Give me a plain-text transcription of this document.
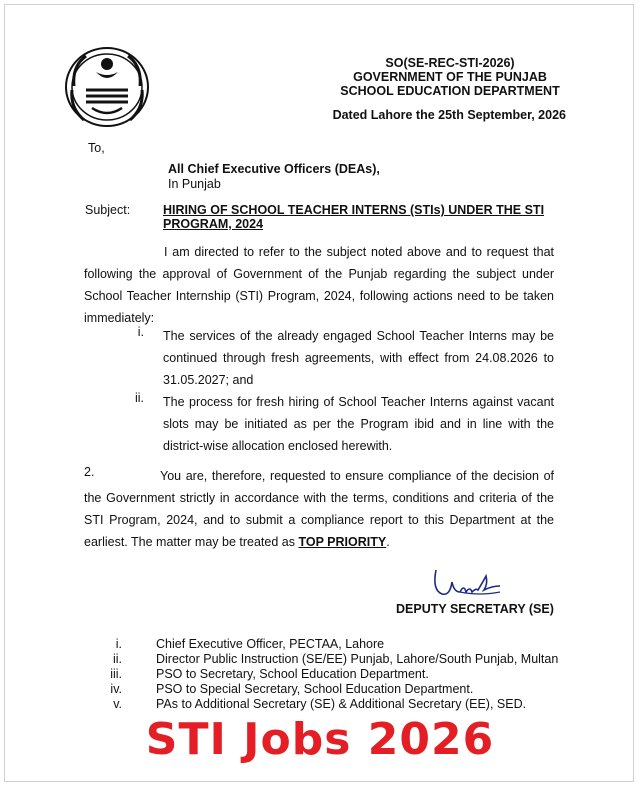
SO(SE-REC-STI-2026)
GOVERNMENT OF THE PUNJAB
SCHOOL EDUCATION DEPARTMENT
Dated Lahore the 25th September, 2026
To,
All Chief Executive Officers (DEAs),
In Punjab
Subject:	HIRING OF SCHOOL TEACHER INTERNS (STIs) UNDER THE STI PROGRAM, 2024
I am directed to refer to the subject noted above and to request that following the approval of Government of the Punjab regarding the subject under School Teacher Internship (STI) Program, 2024, following actions need to be taken immediately:
i. The services of the already engaged School Teacher Interns may be continued through fresh agreements, with effect from 24.08.2026 to 31.05.2027; and
ii. The process for fresh hiring of School Teacher Interns against vacant slots may be initiated as per the Program ibid and in line with the district-wise allocation enclosed herewith.
2.	You are, therefore, requested to ensure compliance of the decision of the Government strictly in accordance with the terms, conditions and criteria of the STI Program, 2024, and to submit a compliance report to this Department at the earliest. The matter may be treated as TOP PRIORITY.
DEPUTY SECRETARY (SE)
i.	Chief Executive Officer, PECTAA, Lahore
ii.	Director Public Instruction (SE/EE) Punjab, Lahore/South Punjab, Multan
iii.	PSO to Secretary, School Education Department.
iv.	PSO to Special Secretary, School Education Department.
v.	PAs to Additional Secretary (SE) & Additional Secretary (EE), SED.
STI Jobs 2026
